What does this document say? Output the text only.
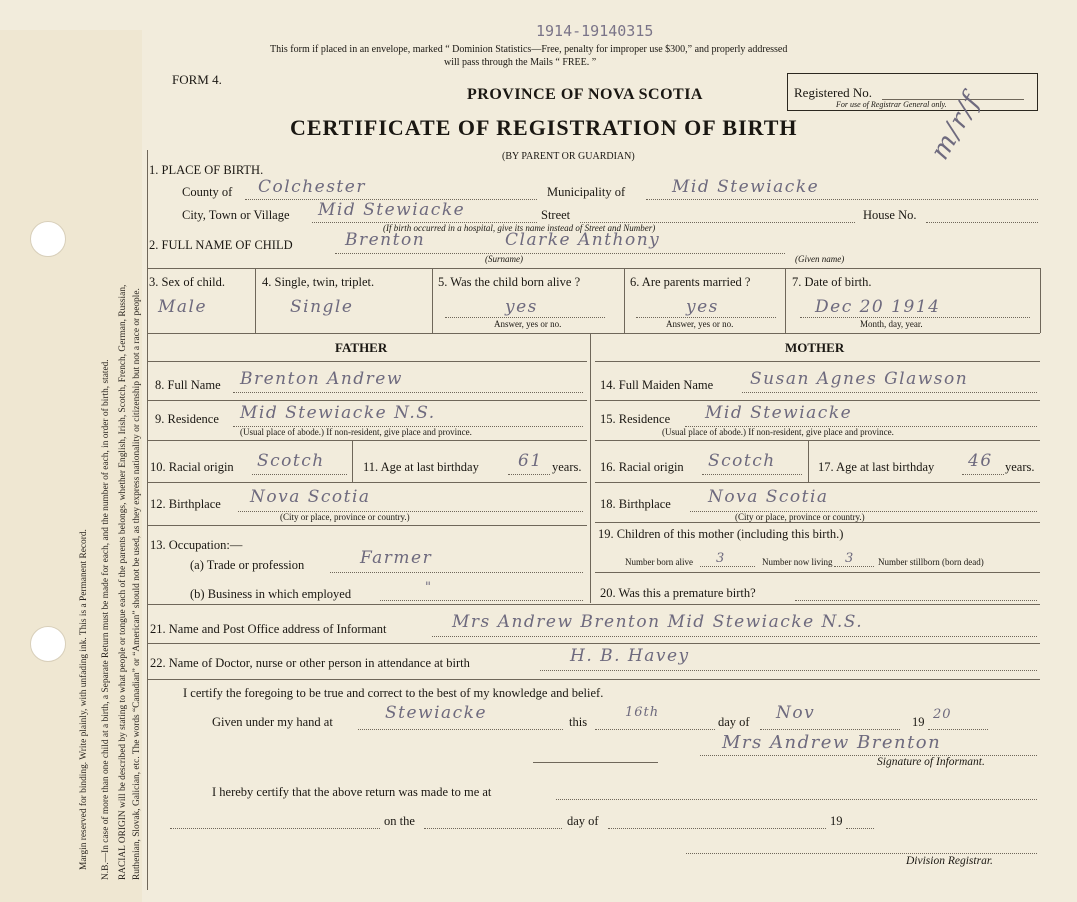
Margin reserved for binding. Write plainly, with unfading ink. This is a Permanent Record. N.B.—In case of more than one child at a birth, a Separate Return must be made for each, and the number of each, in order of birth, stated. RACIAL ORIGIN will be described by stating to what people or tongue each of the parents belongs, whether English, Irish, Scotch, French, German, Russian, Ruthenian, Slovak, Galician, etc. The words “Canadian” or “American” should not be used, as they express nationality or citizenship but not a race or people.
1914-19140315
This form if placed in an envelope, marked “ Dominion Statistics—Free, penalty for improper use $300,” and properly addressed
will pass through the Mails “ FREE. ”
FORM 4.
PROVINCE OF NOVA SCOTIA	Registered No.
For use of Registrar General only.
CERTIFICATE OF REGISTRATION OF BIRTH
(BY PARENT OR GUARDIAN)
1. PLACE OF BIRTH.
County of Colchester	Municipality of	Mid Stewiacke
m/r/f
City, Town or Village Mid Stewiacke	Street	House No.
(If birth occurred in a hospital, give its name instead of Street and Number)
2. FULL NAME OF CHILD	Brenton	Clarke Anthony
(Surname)	(Given name)
3. Sex of child.
Male
4. Single, twin, triplet.
Single
5. Was the child born alive ?
yes
Answer, yes or no.
6. Are parents married ?
yes
Answer, yes or no.
7. Date of birth.
Dec 20 1914
Month, day, year.
FATHER	MOTHER
8. Full Name Brenton Andrew	14. Full Maiden Name Susan Agnes Glawson
9. Residence Mid Stewiacke N.S.
(Usual place of abode.) If non-resident, give place and province.
15. Residence Mid Stewiacke
(Usual place of abode.) If non-resident, give place and province.
10. Racial origin Scotch	11. Age at last birthday 61 years. 16. Racial origin Scotch	17. Age at last birthday 46 years.
12. Birthplace Nova Scotia
(City or place, province or country.)
18. Birthplace Nova Scotia
(City or place, province or country.)
13. Occupation:—
19. Children of this mother (including this birth.)
Number born alive 3	Number now living 3	Number stillborn (born dead)
(a) Trade or profession	Farmer
(b) Business in which employed	"	20. Was this a premature birth?
21. Name and Post Office address of Informant	Mrs Andrew Brenton Mid Stewiacke N.S.
22. Name of Doctor, nurse or other person in attendance at birth	H. B. Havey
I certify the foregoing to be true and correct to the best of my knowledge and belief.
Given under my hand at	Stewiacke	this
16th
day of Nov	19 20
Mrs Andrew Brenton
Signature of Informant.
I hereby certify that the above return was made to me at
on the	day of	19
Division Registrar.
